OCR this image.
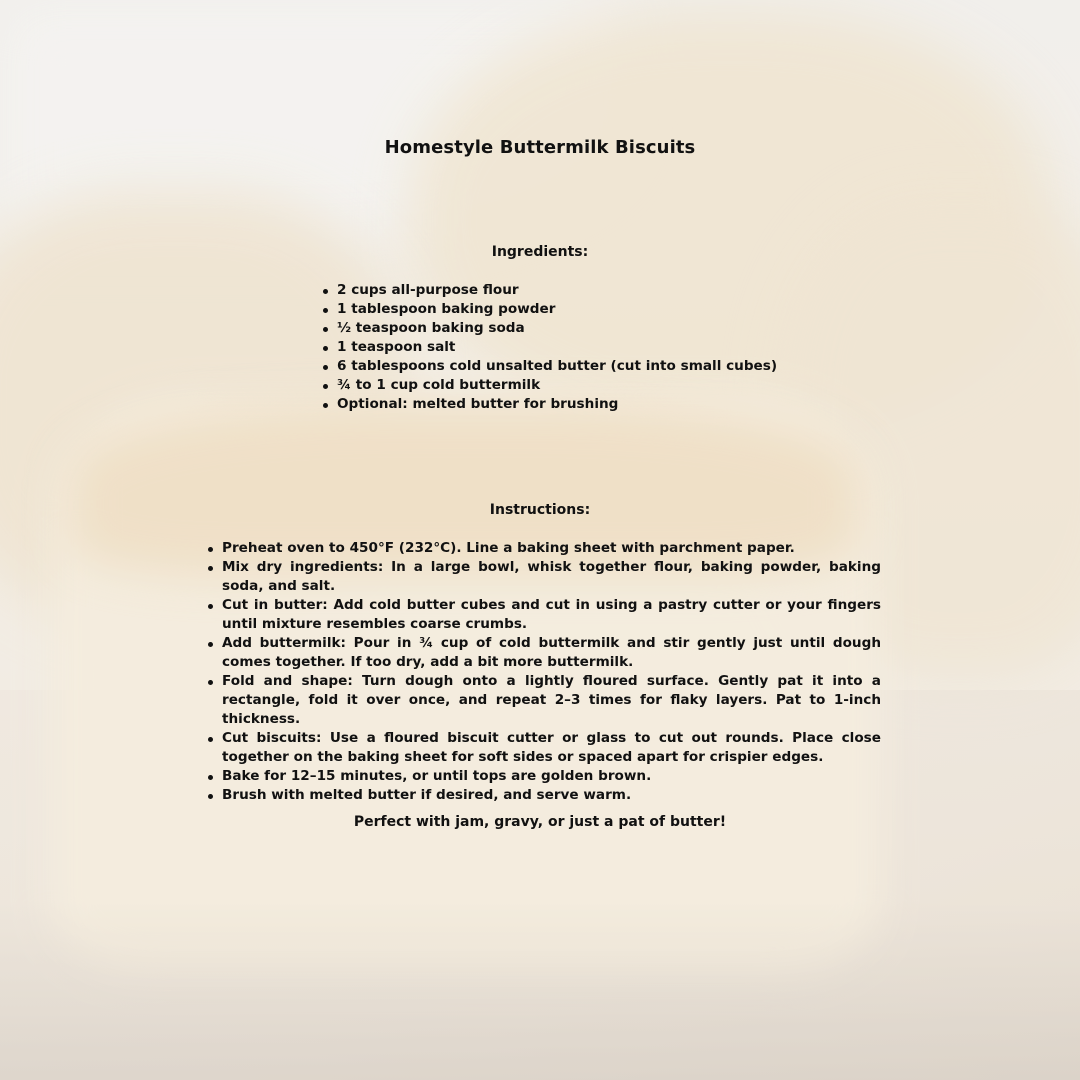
Homestyle Buttermilk Biscuits
Ingredients:
2 cups all-purpose flour
1 tablespoon baking powder
½ teaspoon baking soda
1 teaspoon salt
6 tablespoons cold unsalted butter (cut into small cubes)
¾ to 1 cup cold buttermilk
Optional: melted butter for brushing
Instructions:
Preheat oven to 450°F (232°C). Line a baking sheet with parchment paper.
Mix dry ingredients: In a large bowl, whisk together flour, baking powder, baking soda, and salt.
Cut in butter: Add cold butter cubes and cut in using a pastry cutter or your fingers until mixture resembles coarse crumbs.
Add buttermilk: Pour in ¾ cup of cold buttermilk and stir gently just until dough comes together. If too dry, add a bit more buttermilk.
Fold and shape: Turn dough onto a lightly floured surface. Gently pat it into a rectangle, fold it over once, and repeat 2–3 times for flaky layers. Pat to 1-inch thickness.
Cut biscuits: Use a floured biscuit cutter or glass to cut out rounds. Place close together on the baking sheet for soft sides or spaced apart for crispier edges.
Bake for 12–15 minutes, or until tops are golden brown.
Brush with melted butter if desired, and serve warm.
Perfect with jam, gravy, or just a pat of butter!
